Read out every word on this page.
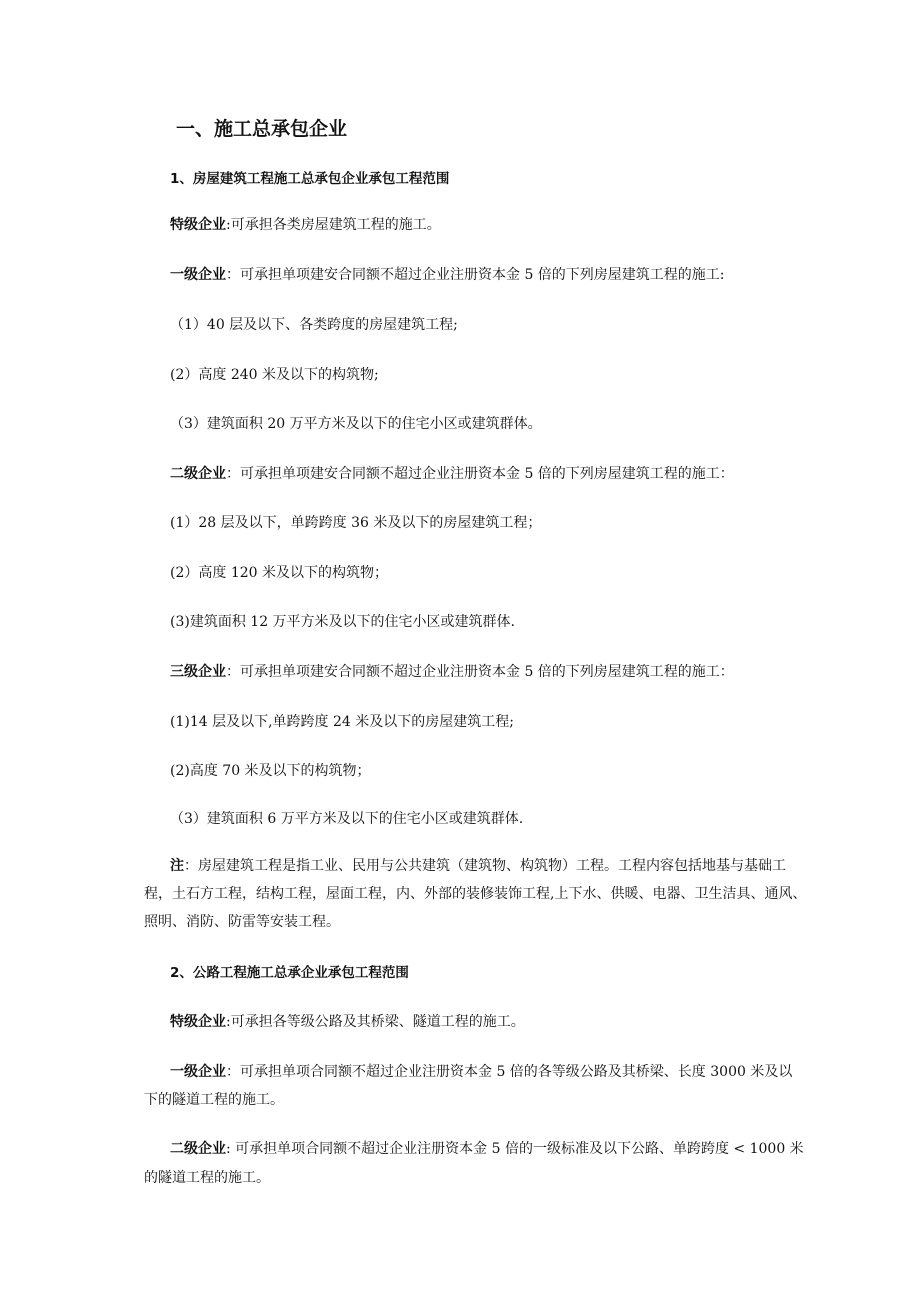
一、施工总承包企业
1、房屋建筑工程施工总承包企业承包工程范围
特级企业:可承担各类房屋建筑工程的施工。
一级企业：可承担单项建安合同额不超过企业注册资本金 5 倍的下列房屋建筑工程的施工:
（1）40 层及以下、各类跨度的房屋建筑工程;
(2）高度 240 米及以下的构筑物;
（3）建筑面积 20 万平方米及以下的住宅小区或建筑群体。
二级企业：可承担单项建安合同额不超过企业注册资本金 5 倍的下列房屋建筑工程的施工：
(1）28 层及以下，单跨跨度 36 米及以下的房屋建筑工程；
(2）高度 120 米及以下的构筑物；
(3)建筑面积 12 万平方米及以下的住宅小区或建筑群体.
三级企业：可承担单项建安合同额不超过企业注册资本金 5 倍的下列房屋建筑工程的施工：
(1)14 层及以下,单跨跨度 24 米及以下的房屋建筑工程;
(2)高度 70 米及以下的构筑物；
（3）建筑面积 6 万平方米及以下的住宅小区或建筑群体.
注：房屋建筑工程是指工业、民用与公共建筑（建筑物、构筑物）工程。工程内容包括地基与基础工
程，土石方工程，结构工程，屋面工程，内、外部的装修装饰工程,上下水、供暖、电器、卫生洁具、通风、
照明、消防、防雷等安装工程。
2、公路工程施工总承企业承包工程范围
特级企业:可承担各等级公路及其桥梁、隧道工程的施工。
一级企业：可承担单项合同额不超过企业注册资本金 5 倍的各等级公路及其桥梁、长度 3000 米及以
下的隧道工程的施工。
二级企业: 可承担单项合同额不超过企业注册资本金 5 倍的一级标准及以下公路、单跨跨度 < 1000 米
的隧道工程的施工。
